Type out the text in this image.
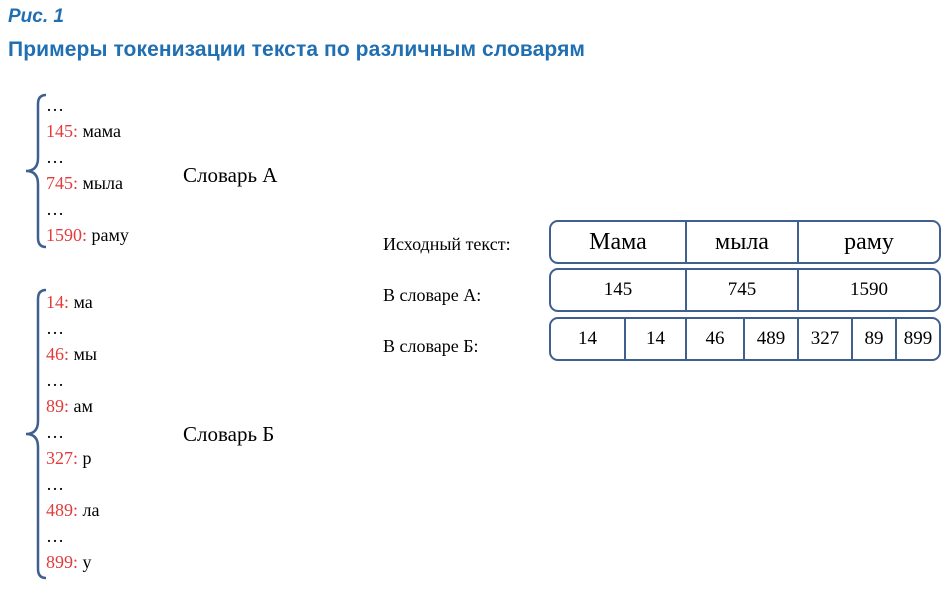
Рис. 1
Примеры токенизации текста по различным словарям
…
145: мама
…
745: мыла
…
1590: раму
Словарь А
14: ма
…
46: мы
…
89: ам
…
327: р
…
489: ла
…
899: у
Словарь Б
Исходный текст:	Мама	мыла	раму
В словаре А:	145	745	1590
В словаре Б:	14	14	46	489	327	89	899
